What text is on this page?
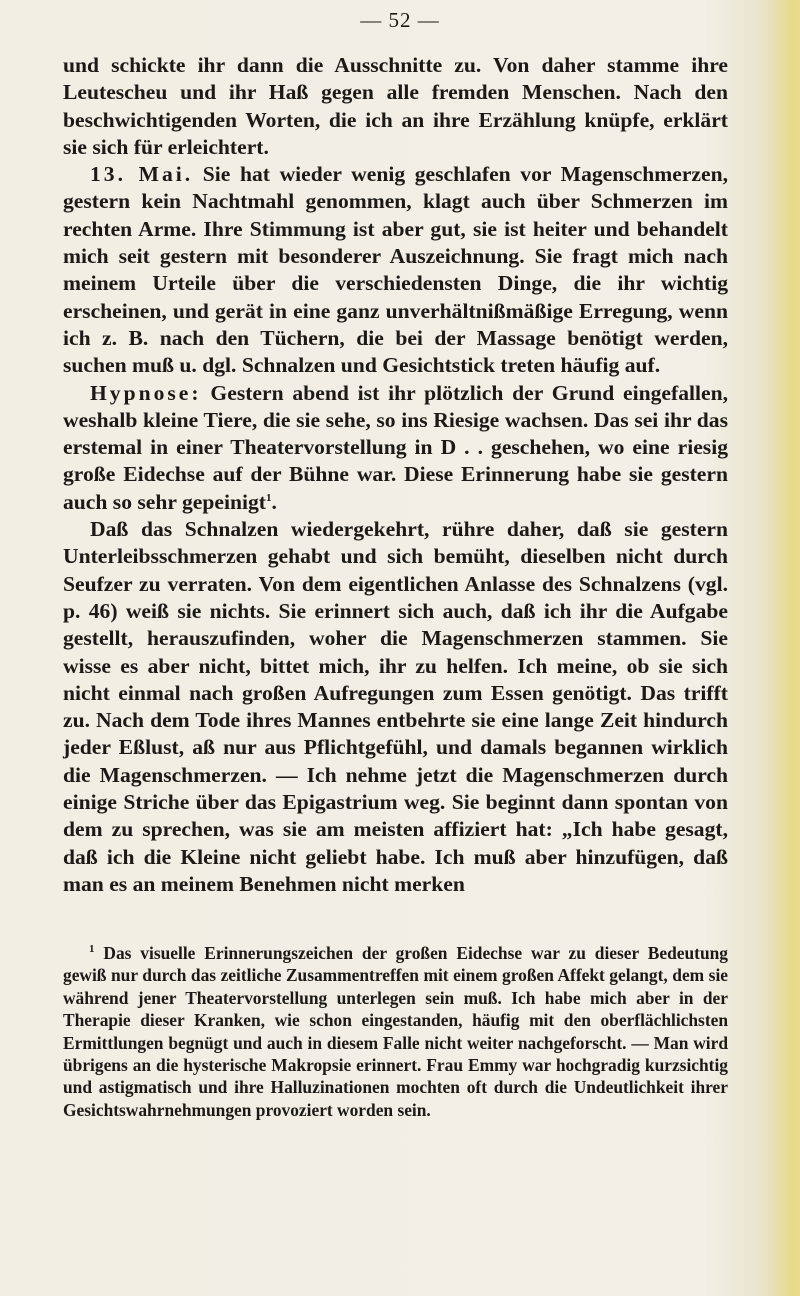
— 52 —

und schickte ihr dann die Ausschnitte zu. Von daher stamme ihre Leutescheu und ihr Haß gegen alle fremden Menschen. Nach den beschwichtigenden Worten, die ich an ihre Erzählung knüpfe, erklärt sie sich für erleichtert.

13. Mai. Sie hat wieder wenig geschlafen vor Magenschmerzen, gestern kein Nachtmahl genommen, klagt auch über Schmerzen im rechten Arme. Ihre Stimmung ist aber gut, sie ist heiter und behandelt mich seit gestern mit besonderer Auszeichnung. Sie fragt mich nach meinem Urteile über die verschiedensten Dinge, die ihr wichtig erscheinen, und gerät in eine ganz unverhältnißmäßige Erregung, wenn ich z. B. nach den Tüchern, die bei der Massage benötigt werden, suchen muß u. dgl. Schnalzen und Gesichtstick treten häufig auf.

Hypnose: Gestern abend ist ihr plötzlich der Grund eingefallen, weshalb kleine Tiere, die sie sehe, so ins Riesige wachsen. Das sei ihr das erstemal in einer Theatervorstellung in D . . geschehen, wo eine riesig große Eidechse auf der Bühne war. Diese Erinnerung habe sie gestern auch so sehr gepeinigt$^1$.

Daß das Schnalzen wiedergekehrt, rühre daher, daß sie gestern Unterleibsschmerzen gehabt und sich bemüht, dieselben nicht durch Seufzer zu verraten. Von dem eigentlichen Anlasse des Schnalzens (vgl. p. 46) weiß sie nichts. Sie erinnert sich auch, daß ich ihr die Aufgabe gestellt, herauszufinden, woher die Magenschmerzen stammen. Sie wisse es aber nicht, bittet mich, ihr zu helfen. Ich meine, ob sie sich nicht einmal nach großen Aufregungen zum Essen genötigt. Das trifft zu. Nach dem Tode ihres Mannes entbehrte sie eine lange Zeit hindurch jeder Eßlust, aß nur aus Pflichtgefühl, und damals begannen wirklich die Magenschmerzen. — Ich nehme jetzt die Magenschmerzen durch einige Striche über das Epigastrium weg. Sie beginnt dann spontan von dem zu sprechen, was sie am meisten affiziert hat: „Ich habe gesagt, daß ich die Kleine nicht geliebt habe. Ich muß aber hinzufügen, daß man es an meinem Benehmen nicht merken

$^1$ Das visuelle Erinnerungszeichen der großen Eidechse war zu dieser Bedeutung gewiß nur durch das zeitliche Zusammentreffen mit einem großen Affekt gelangt, dem sie während jener Theatervorstellung unterlegen sein muß. Ich habe mich aber in der Therapie dieser Kranken, wie schon eingestanden, häufig mit den oberflächlichsten Ermittlungen begnügt und auch in diesem Falle nicht weiter nachgeforscht. — Man wird übrigens an die hysterische Makropsie erinnert. Frau Emmy war hochgradig kurzsichtig und astigmatisch und ihre Halluzinationen mochten oft durch die Undeutlichkeit ihrer Gesichtswahrnehmungen provoziert worden sein.
